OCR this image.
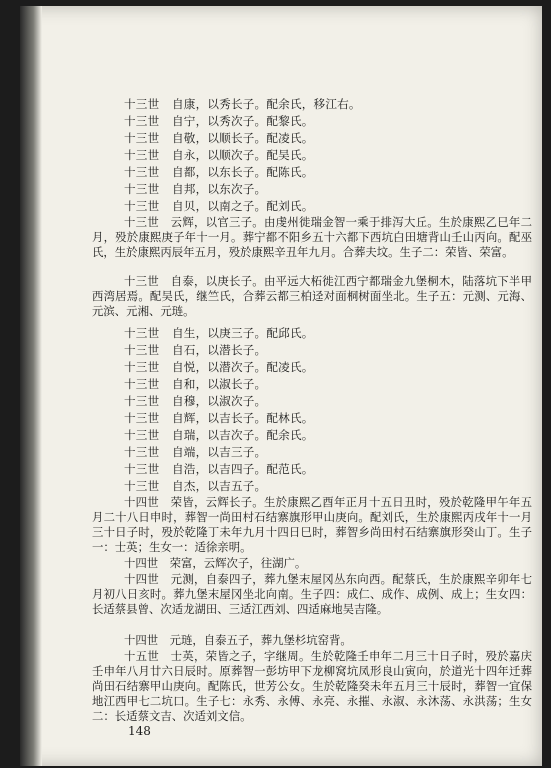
十三世 自康，以秀长子。配余氏，移江右。
十三世 自宁，以秀次子。配黎氏。
十三世 自敬，以顺长子。配凌氏。
十三世 自永，以顺次子。配吴氏。
十三世 自都，以东长子。配陈氏。
十三世 自邦，以东次子。
十三世 自贝，以南之子。配刘氏。
十三世　云辉，以官三子。由虔州徙瑞金智一乘于排泻大丘。生於康熙乙巳年二月，殁於康熙庚子年十一月。葬宁都不阳乡五十六都下西坑白田塘背山壬山丙向。配巫氏，生於康熙丙辰年五月，殁於康熙辛丑年九月。合葬夫坟。生子二：荣皆、荣富。
十三世　自泰，以庚长子。由平远大柘徙江西宁都瑞金九堡桐木，陆落坑下半甲西湾居焉。配吴氏，继竺氏，合葬云都三柏迳对面桐树面坐北。生子五：元测、元海、元滨、元湘、元琏。
十三世 自生，以庚三子。配邱氏。
十三世 自石，以潜长子。
十三世 自悦，以潜次子。配凌氏。
十三世 自和，以淑长子。
十三世 自穆，以淑次子。
十三世 自辉，以吉长子。配林氏。
十三世 自瑞，以吉次子。配余氏。
十三世 自端，以吉三子。
十三世 自浩，以吉四子。配范氏。
十三世 自杰，以吉五子。
十四世　荣皆，云辉长子。生於康熙乙酉年正月十五日丑时，殁於乾隆甲午年五月二十八日申时，葬智一尚田村石结寨旗形甲山庚向。配刘氏，生於康熙丙戌年十一月三十日子时，殁於乾隆丁未年九月十四日巳时，葬智乡尚田村石结寨旗形癸山丁。生子一：士英；生女一：适徐亲明。
十四世　荣富，云辉次子，往湖广。
十四世　元测，自泰四子，葬九堡末屋冈丛东向西。配蔡氏，生於康熙辛卯年七月初八日亥时。葬九堡末屋冈坐北向南。生子四：成仁、成作、成例、成上；生女四：长适蔡县曾、次适龙湖田、三适江西刘、四适麻地吴吉隆。
十四世　元琏，自泰五子，葬九堡杉坑窑背。
十五世　士英，荣皆之子，字继周。生於乾隆壬申年二月三十日子时，殁於嘉庆壬申年八月廿六日辰时。原葬智一彭坊甲下龙柳窝坑凤形良山寅向，於道光十四年迁葬尚田石结寨甲山庚向。配陈氏，世芳公女。生於乾隆癸未年五月三十辰时，葬智一宜保地江西甲七二坑口。生子七：永秀、永傅、永亮、永摧、永淑、永沐荡、永洪荡；生女二：长适蔡文吉、次适刘文信。
148
